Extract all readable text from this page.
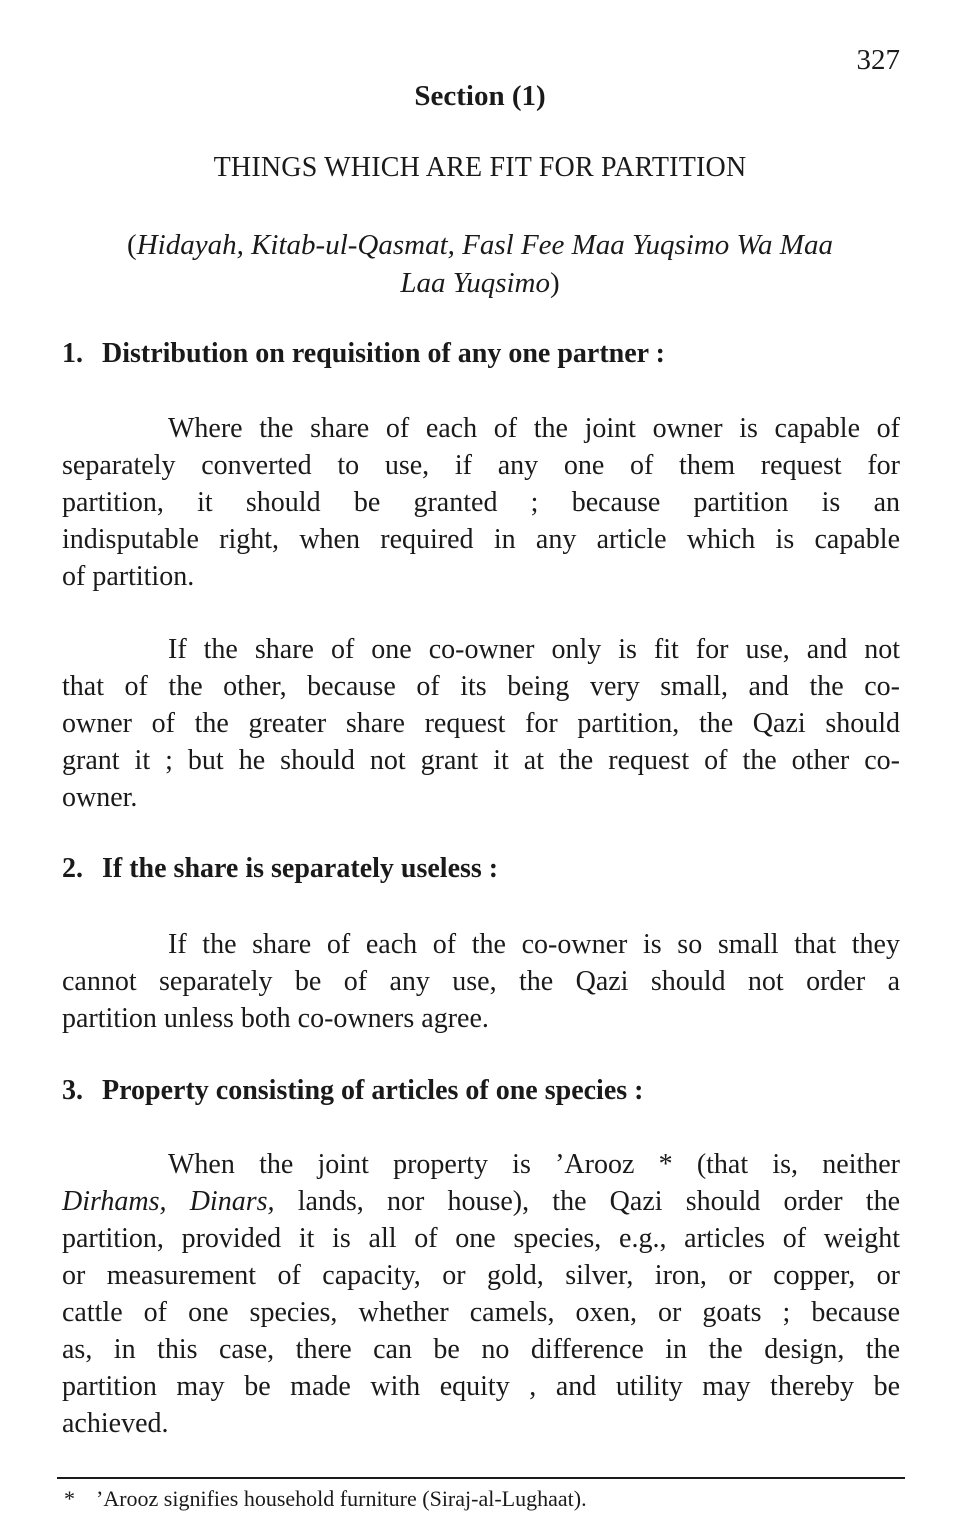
327
Section (1)
THINGS WHICH ARE FIT FOR PARTITION
(Hidayah, Kitab-ul-Qasmat, Fasl Fee Maa Yuqsimo Wa Maa
Laa Yuqsimo)
1. Distribution on requisition of any one partner :
Where the share of each of the joint owner is capable of
separately converted to use, if any one of them request for
partition, it should be granted ; because partition is an
indisputable right, when required in any article which is capable
of partition.
If the share of one co-owner only is fit for use, and not
that of the other, because of its being very small, and the co-
owner of the greater share request for partition, the Qazi should
grant it ; but he should not grant it at the request of the other co-
owner.
2. If the share is separately useless :
If the share of each of the co-owner is so small that they
cannot separately be of any use, the Qazi should not order a
partition unless both co-owners agree.
3. Property consisting of articles of one species :
When the joint property is ’Arooz * (that is, neither
Dirhams, Dinars, lands, nor house), the Qazi should order the
partition, provided it is all of one species, e.g., articles of weight
or measurement of capacity, or gold, silver, iron, or copper, or
cattle of one species, whether camels, oxen, or goats ; because
as, in this case, there can be no difference in the design, the
partition may be made with equity , and utility may thereby be
achieved.
* ’Arooz signifies household furniture (Siraj-al-Lughaat).
